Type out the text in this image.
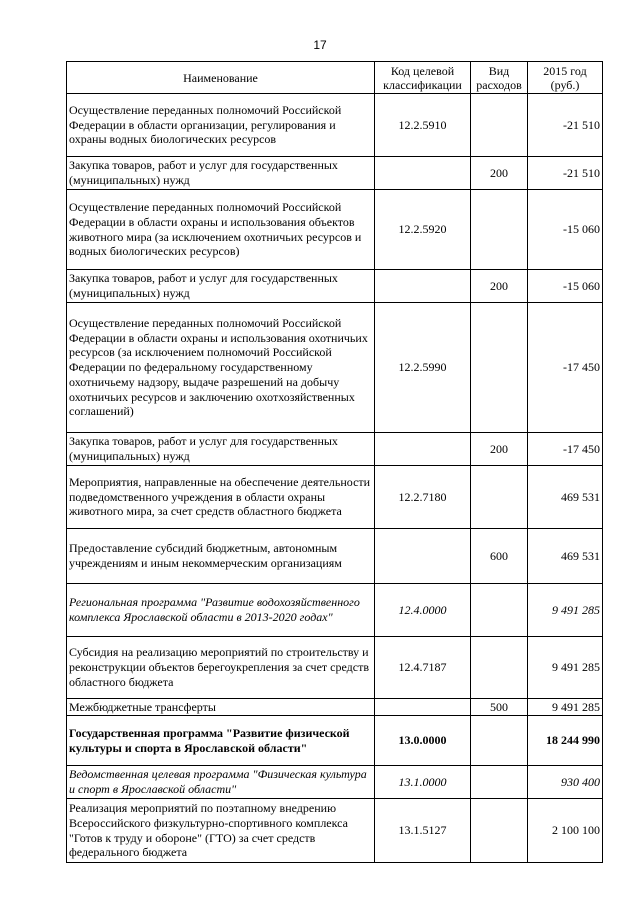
17
Наименование	Код целевой классификации	Вид расходов	2015 год (руб.)
Осуществление переданных полномочий Российской Федерации в области организации, регулирования и охраны водных биологических ресурсов	12.2.5910		-21 510
Закупка товаров, работ и услуг для государственных (муниципальных) нужд		200	-21 510
Осуществление переданных полномочий Российской Федерации в области охраны и использования объектов животного мира (за исключением охотничьих ресурсов и водных биологических ресурсов)	12.2.5920		-15 060
Закупка товаров, работ и услуг для государственных (муниципальных) нужд		200	-15 060
Осуществление переданных полномочий Российской Федерации в области охраны и использования охотничьих ресурсов (за исключением полномочий Российской Федерации по федеральному государственному охотничьему надзору, выдаче разрешений на добычу охотничьих ресурсов и заключению охотхозяйственных соглашений)	12.2.5990		-17 450
Закупка товаров, работ и услуг для государственных (муниципальных) нужд		200	-17 450
Мероприятия, направленные на обеспечение деятельности подведомственного учреждения в области охраны животного мира, за счет средств областного бюджета	12.2.7180		469 531
Предоставление субсидий бюджетным, автономным учреждениям и иным некоммерческим организациям		600	469 531
Региональная программа "Развитие водохозяйственного комплекса Ярославской области в 2013-2020 годах"	12.4.0000		9 491 285
Субсидия на реализацию мероприятий по строительству и реконструкции объектов берегоукрепления за счет средств областного бюджета	12.4.7187		9 491 285
Межбюджетные трансферты		500	9 491 285
Государственная программа "Развитие физической культуры и спорта в Ярославской области"	13.0.0000		18 244 990
Ведомственная целевая программа "Физическая культура и спорт в Ярославской области"	13.1.0000		930 400
Реализация мероприятий по поэтапному внедрению Всероссийского физкультурно-спортивного комплекса "Готов к труду и обороне" (ГТО) за счет средств федерального бюджета	13.1.5127		2 100 100
